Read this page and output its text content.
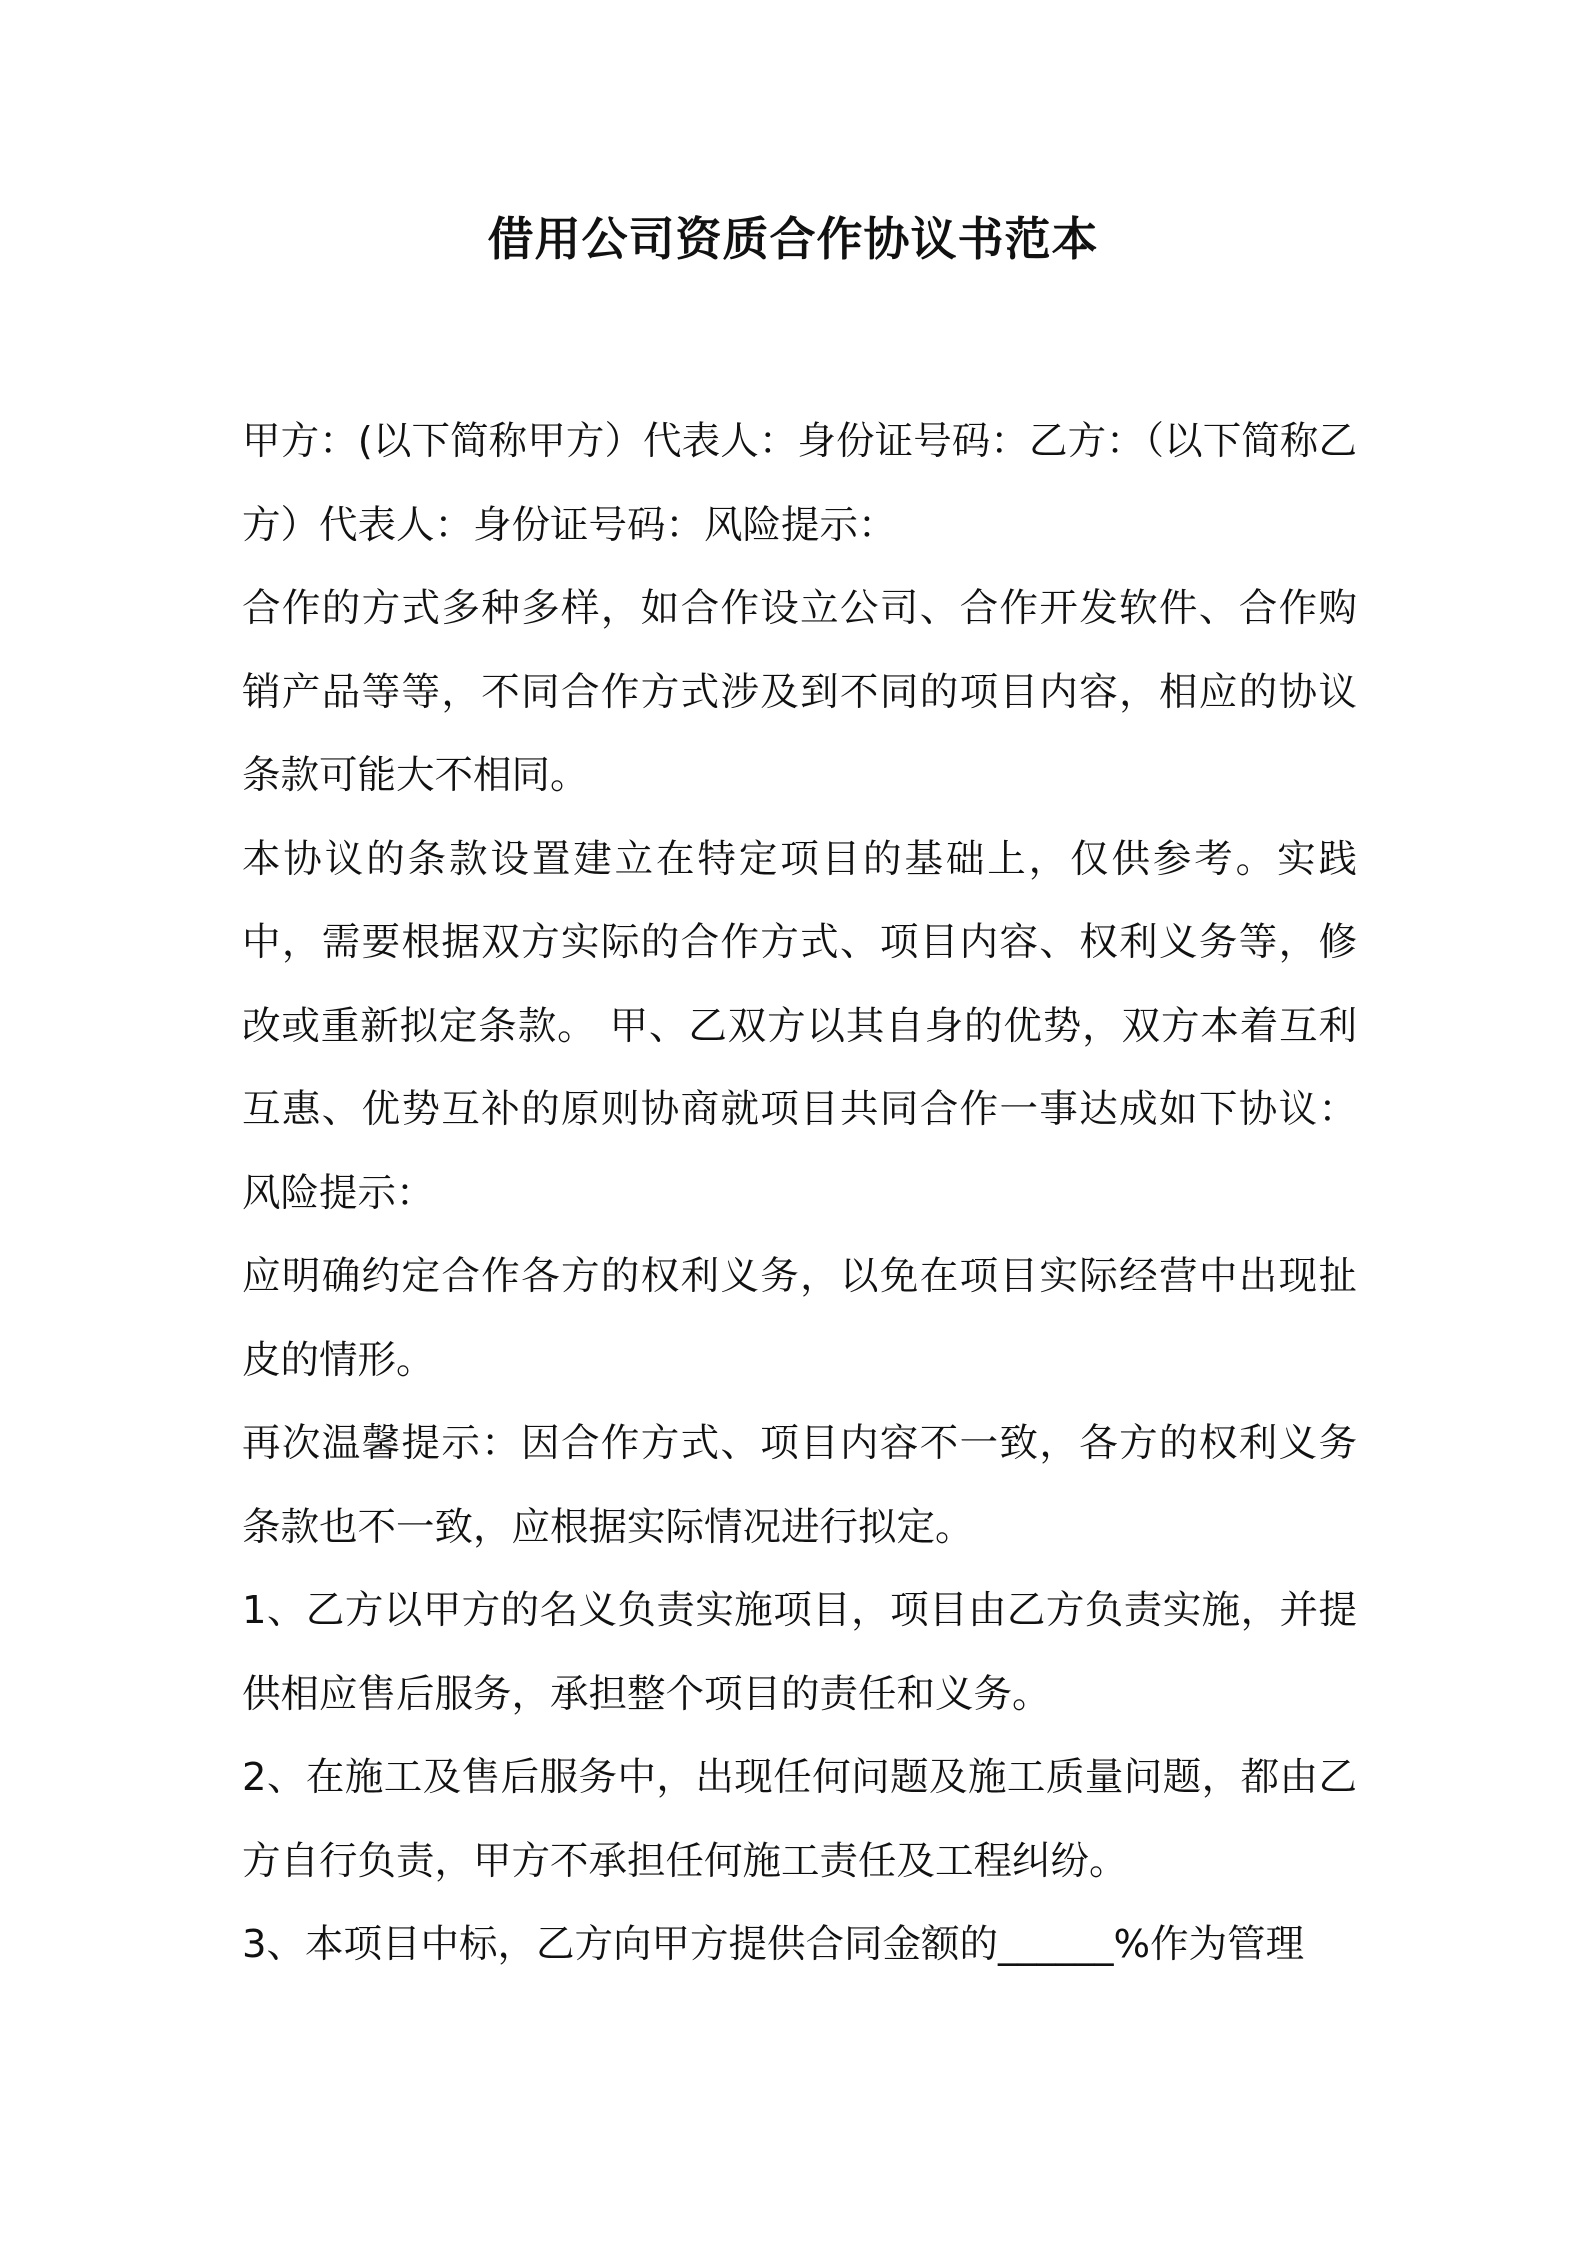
借用公司资质合作协议书范本

甲方：(以下简称甲方）代表人：身份证号码：乙方：（以下简称乙方）代表人：身份证号码：风险提示：

合作的方式多种多样，如合作设立公司、合作开发软件、合作购销产品等等，不同合作方式涉及到不同的项目内容，相应的协议条款可能大不相同。

本协议的条款设置建立在特定项目的基础上，仅供参考。实践中，需要根据双方实际的合作方式、项目内容、权利义务等，修改或重新拟定条款。 甲、乙双方以其自身的优势，双方本着互利互惠、优势互补的原则协商就项目共同合作一事达成如下协议：风险提示：

应明确约定合作各方的权利义务，以免在项目实际经营中出现扯皮的情形。

再次温馨提示：因合作方式、项目内容不一致，各方的权利义务条款也不一致，应根据实际情况进行拟定。

1、乙方以甲方的名义负责实施项目，项目由乙方负责实施，并提供相应售后服务，承担整个项目的责任和义务。

2、在施工及售后服务中，出现任何问题及施工质量问题，都由乙方自行负责，甲方不承担任何施工责任及工程纠纷。

3、本项目中标，乙方向甲方提供合同金额的______%作为管理
